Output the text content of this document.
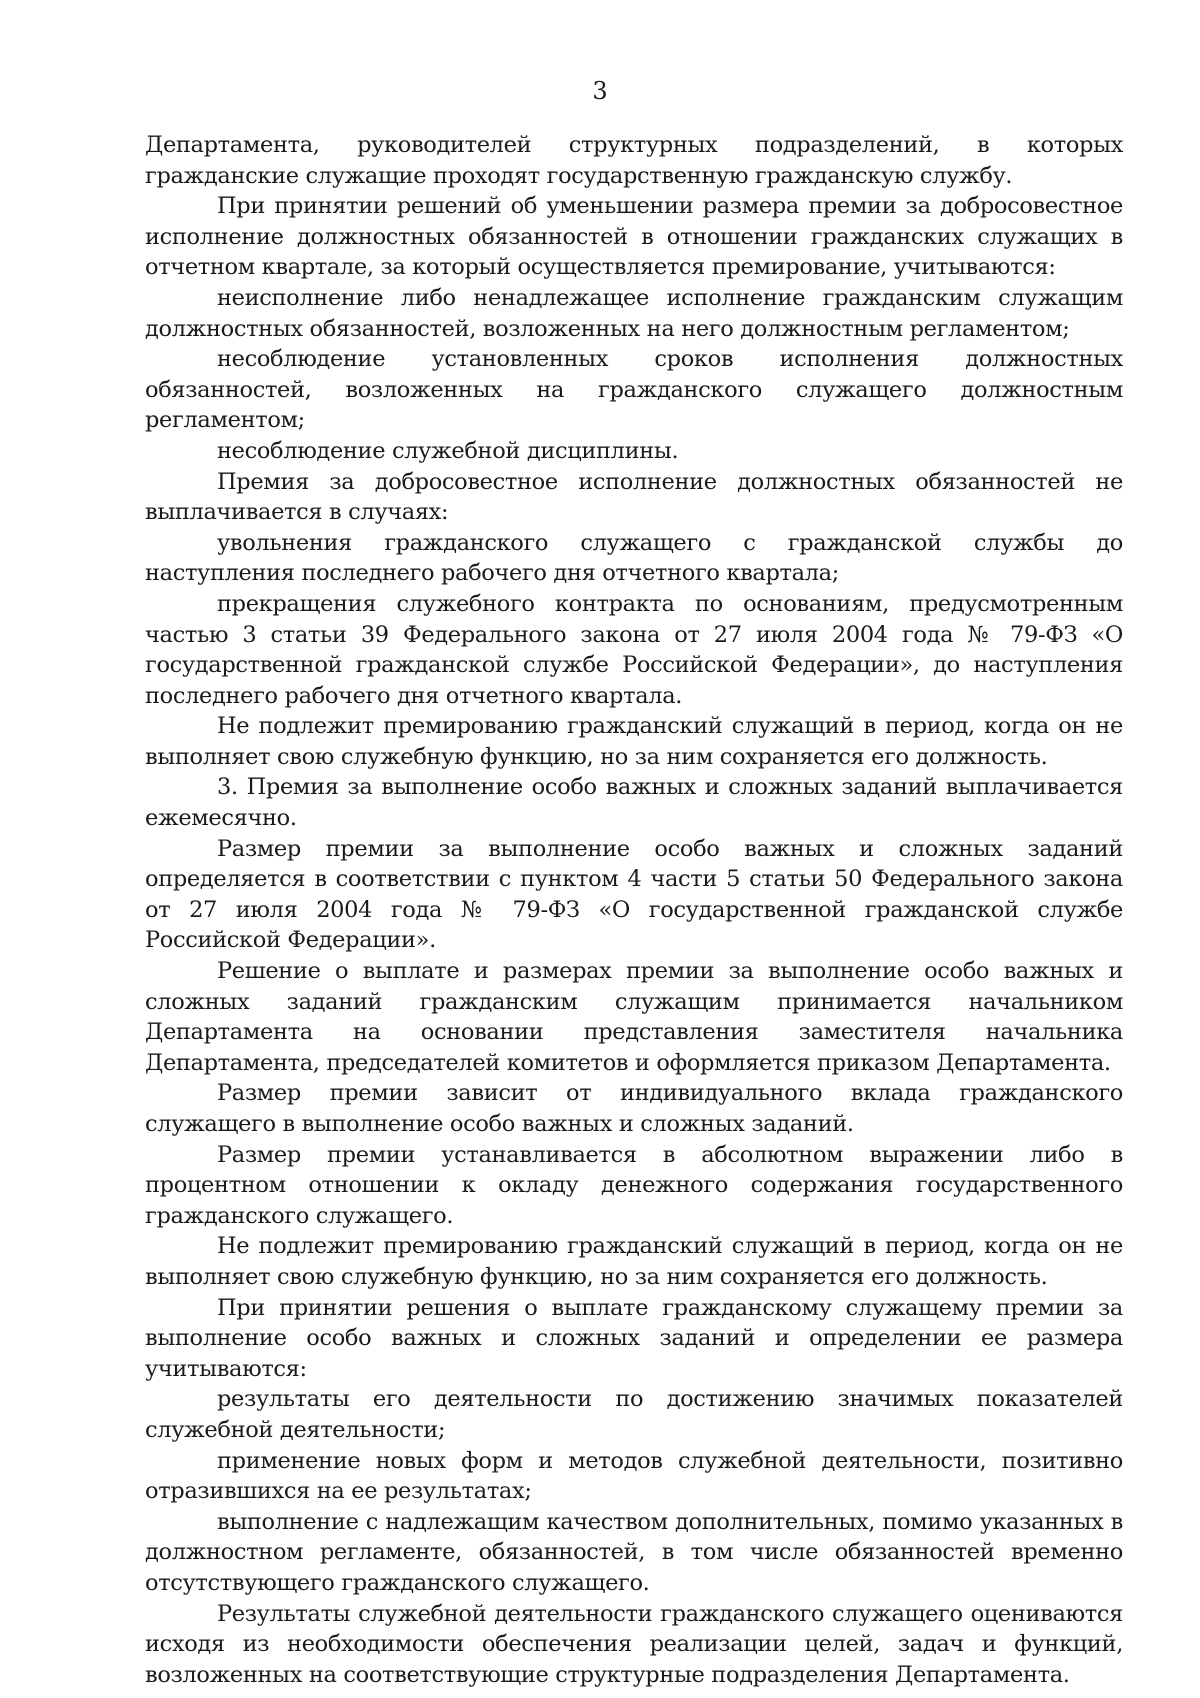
3

Департамента, руководителей структурных подразделений, в которых гражданские служащие проходят государственную гражданскую службу.

При принятии решений об уменьшении размера премии за добросовестное исполнение должностных обязанностей в отношении гражданских служащих в отчетном квартале, за который осуществляется премирование, учитываются:

неисполнение либо ненадлежащее исполнение гражданским служащим должностных обязанностей, возложенных на него должностным регламентом;

несоблюдение установленных сроков исполнения должностных обязанностей, возложенных на гражданского служащего должностным регламентом;

несоблюдение служебной дисциплины.

Премия за добросовестное исполнение должностных обязанностей не выплачивается в случаях:

увольнения гражданского служащего с гражданской службы до наступления последнего рабочего дня отчетного квартала;

прекращения служебного контракта по основаниям, предусмотренным частью 3 статьи 39 Федерального закона от 27 июля 2004 года № 79-ФЗ «О государственной гражданской службе Российской Федерации», до наступления последнего рабочего дня отчетного квартала.

Не подлежит премированию гражданский служащий в период, когда он не выполняет свою служебную функцию, но за ним сохраняется его должность.

3. Премия за выполнение особо важных и сложных заданий выплачивается ежемесячно.

Размер премии за выполнение особо важных и сложных заданий определяется в соответствии с пунктом 4 части 5 статьи 50 Федерального закона от 27 июля 2004 года № 79-ФЗ «О государственной гражданской службе Российской Федерации».

Решение о выплате и размерах премии за выполнение особо важных и сложных заданий гражданским служащим принимается начальником Департамента на основании представления заместителя начальника Департамента, председателей комитетов и оформляется приказом Департамента.

Размер премии зависит от индивидуального вклада гражданского служащего в выполнение особо важных и сложных заданий.

Размер премии устанавливается в абсолютном выражении либо в процентном отношении к окладу денежного содержания государственного гражданского служащего.

Не подлежит премированию гражданский служащий в период, когда он не выполняет свою служебную функцию, но за ним сохраняется его должность.

При принятии решения о выплате гражданскому служащему премии за выполнение особо важных и сложных заданий и определении ее размера учитываются:

результаты его деятельности по достижению значимых показателей служебной деятельности;

применение новых форм и методов служебной деятельности, позитивно отразившихся на ее результатах;

выполнение с надлежащим качеством дополнительных, помимо указанных в должностном регламенте, обязанностей, в том числе обязанностей временно отсутствующего гражданского служащего.

Результаты служебной деятельности гражданского служащего оцениваются исходя из необходимости обеспечения реализации целей, задач и функций, возложенных на соответствующие структурные подразделения Департамента.
